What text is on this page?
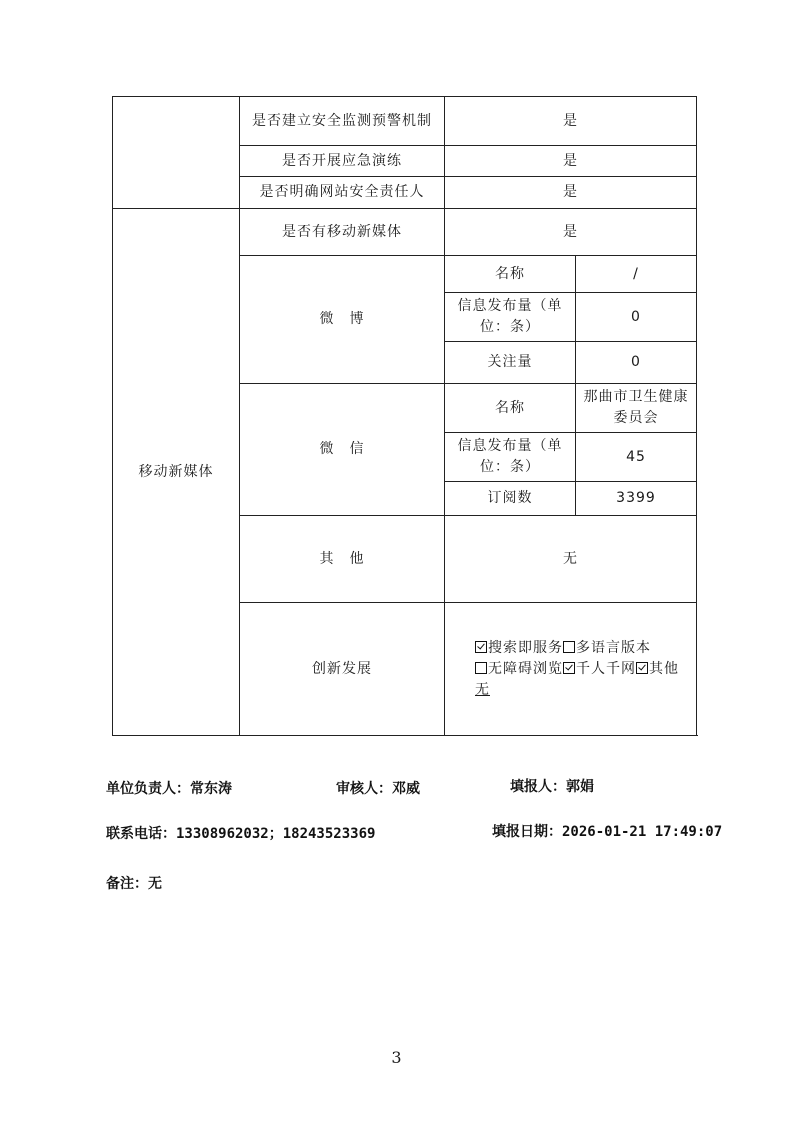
	是否建立安全监测预警机制	是	
	是否开展应急演练	是	
	是否明确网站安全责任人	是	
移动新媒体	是否有移动新媒体	是	
	微　博	名称	/
		信息发布量（单位：条）	0
		关注量	0
	微　信	名称	那曲市卫生健康委员会
		信息发布量（单位：条）	45
		订阅数	3399
	其　他	无	
	创新发展	搜索即服务 多语言版本无障碍浏览 千人千网 其他
无	
单位负责人：常东涛	审核人：邓威	填报人：郭娟
联系电话：13308962032；18243523369	填报日期：2026-01-21 17:49:07
备注：无
3
